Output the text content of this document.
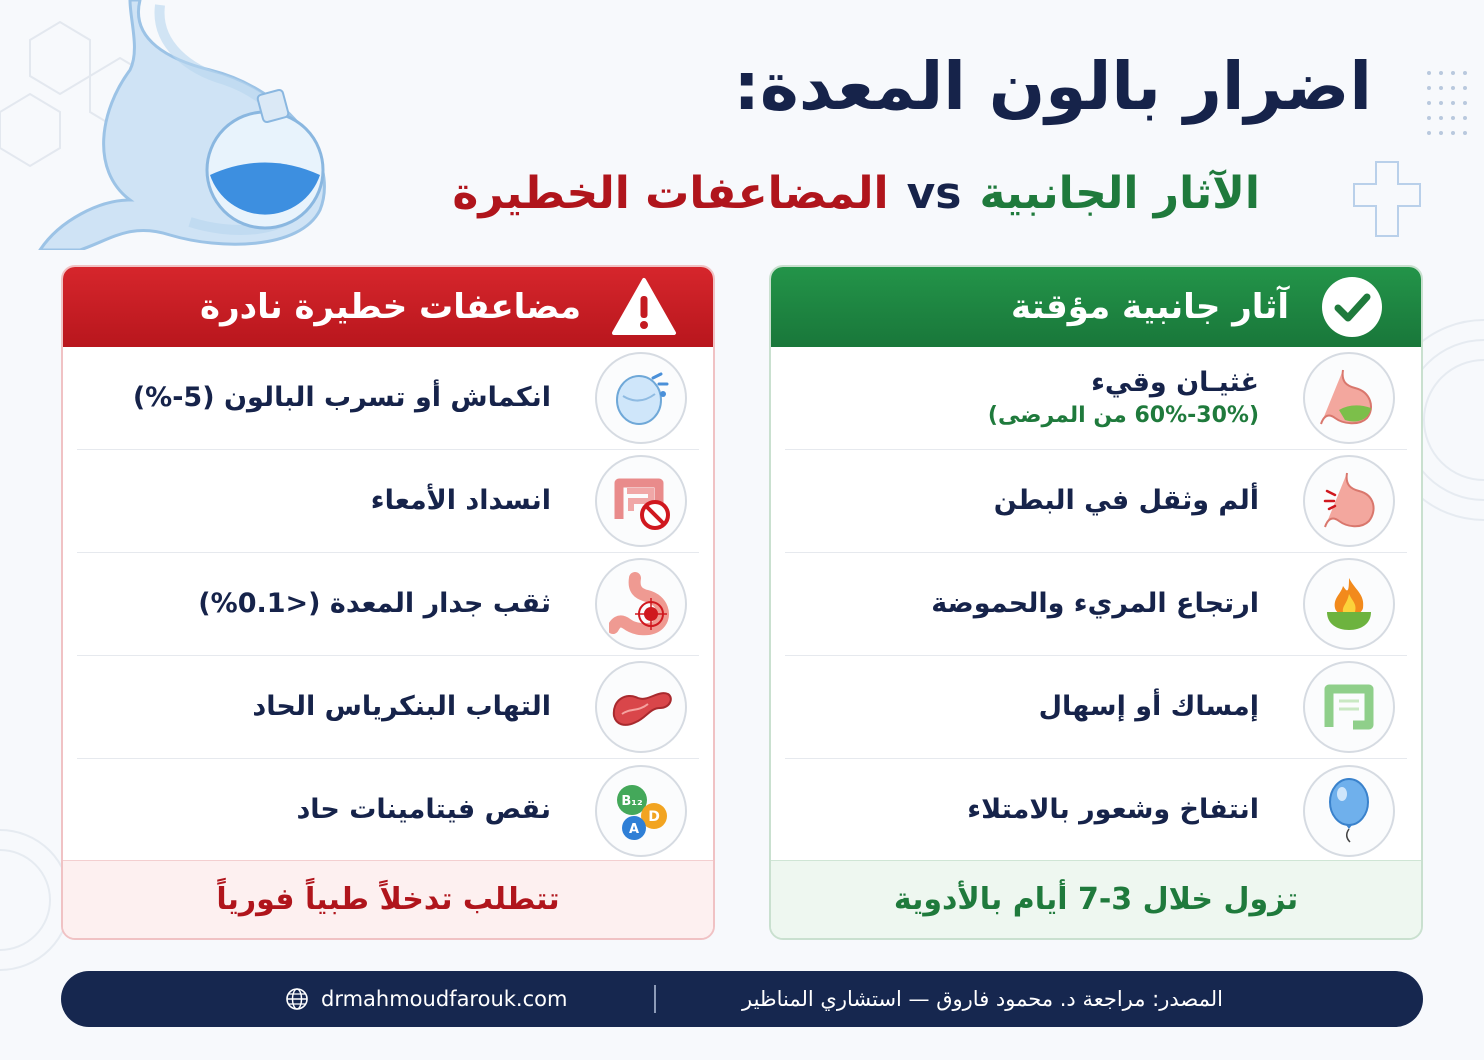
اضرار بالون المعدة:
الآثار الجانبية
vs
المضاعفات الخطيرة
مضاعفات خطيرة نادرة
انكماش أو تسرب البالون (5-%)
انسداد الأمعاء
ثقب جدار المعدة (<0.1%)
التهاب البنكرياس الحاد
نقص فيتامينات حاد	B₁₂
D
A
تتطلب تدخلاً طبياً فورياً
آثار جانبية مؤقتة
غثيـان وقيء
(30%-60% من المرضى)
ألم وثقل في البطن
ارتجاع المريء والحموضة
إمساك أو إسهال
انتفاخ وشعور بالامتلاء
تزول خلال 3-7 أيام بالأدوية
drmahmoudfarouk.com	المصدر: مراجعة د. محمود فاروق — استشاري المناظير
